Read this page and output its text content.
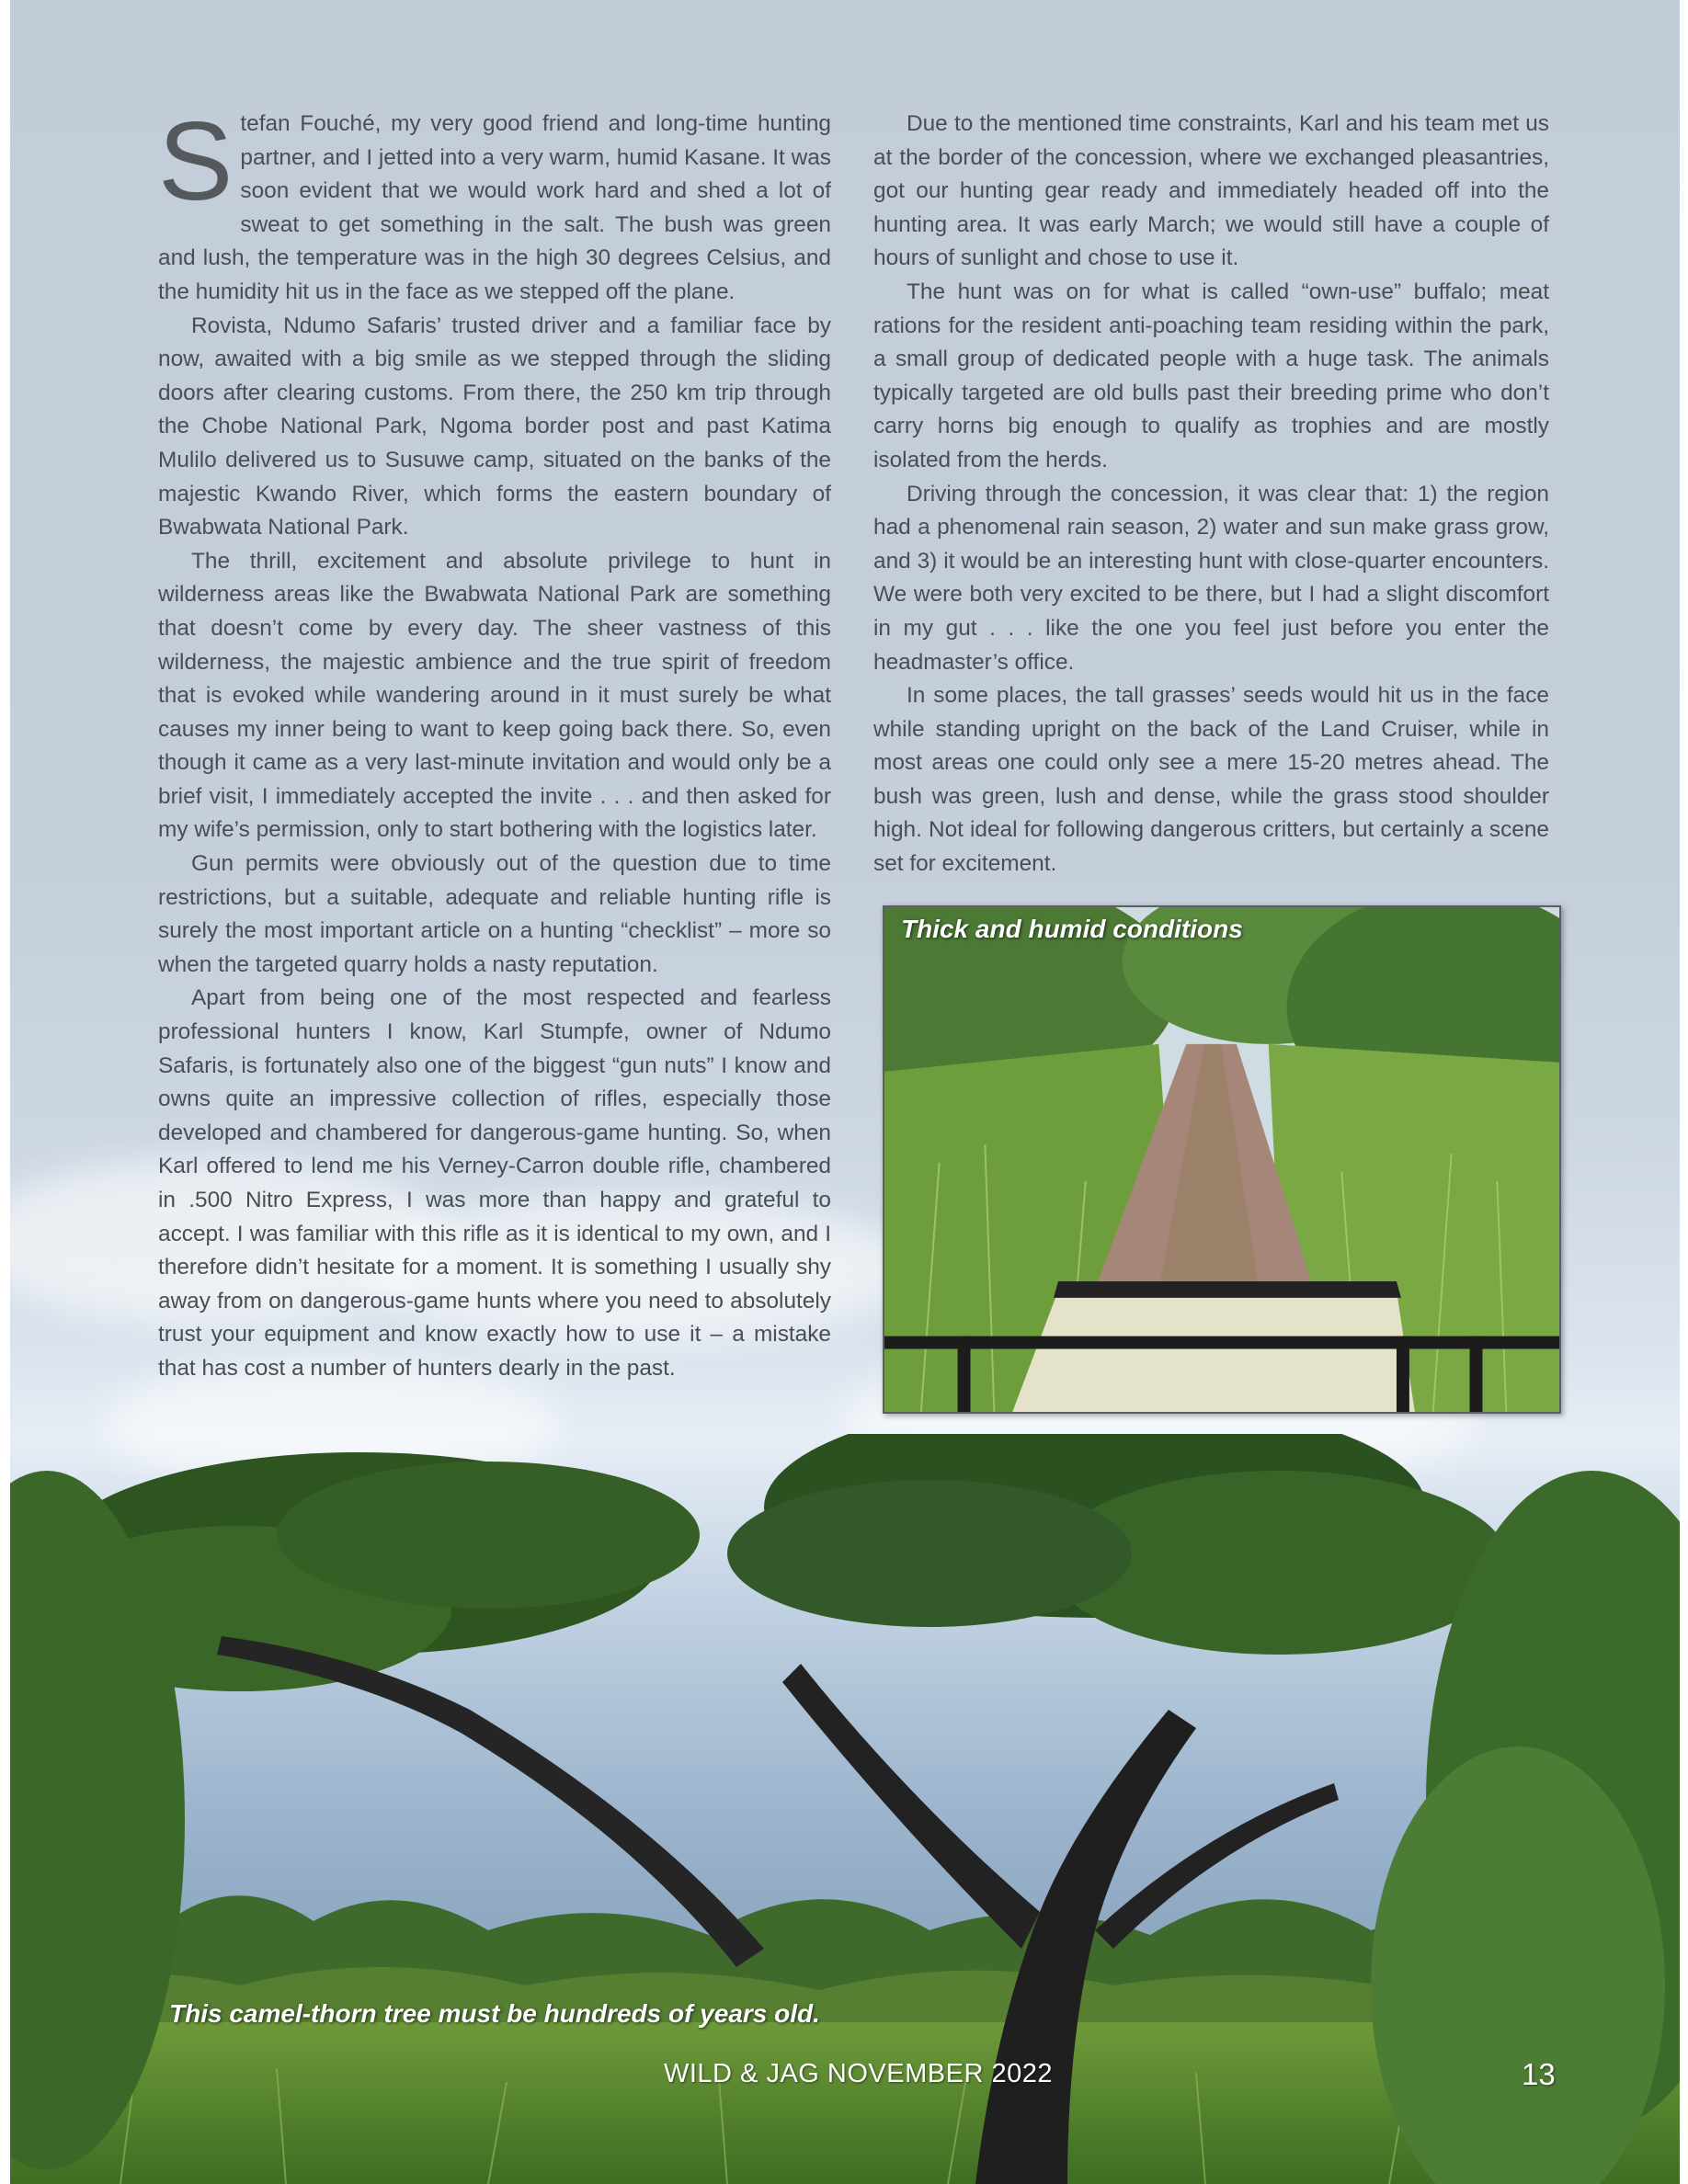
Stefan Fouché, my very good friend and long-time hunting partner, and I jetted into a very warm, humid Kasane. It was soon evident that we would work hard and shed a lot of sweat to get something in the salt. The bush was green and lush, the temperature was in the high 30 degrees Celsius, and the humidity hit us in the face as we stepped off the plane.

Rovista, Ndumo Safaris’ trusted driver and a familiar face by now, awaited with a big smile as we stepped through the sliding doors after clearing customs. From there, the 250 km trip through the Chobe National Park, Ngoma border post and past Katima Mulilo delivered us to Susuwe camp, situated on the banks of the majestic Kwando River, which forms the eastern boundary of Bwabwata National Park.

The thrill, excitement and absolute privilege to hunt in wilderness areas like the Bwabwata National Park are something that doesn’t come by every day. The sheer vastness of this wilderness, the majestic ambience and the true spirit of freedom that is evoked while wandering around in it must surely be what causes my inner being to want to keep going back there. So, even though it came as a very last-minute invitation and would only be a brief visit, I immediately accepted the invite . . . and then asked for my wife’s permission, only to start bothering with the logistics later.

Gun permits were obviously out of the question due to time restrictions, but a suitable, adequate and reliable hunting rifle is surely the most important article on a hunting “checklist” – more so when the targeted quarry holds a nasty reputation.

Apart from being one of the most respected and fearless professional hunters I know, Karl Stumpfe, owner of Ndumo Safaris, is fortunately also one of the biggest “gun nuts” I know and owns quite an impressive collection of rifles, especially those developed and chambered for dangerous-game hunting. So, when Karl offered to lend me his Verney-Carron double rifle, chambered in .500 Nitro Express, I was more than happy and grateful to accept. I was familiar with this rifle as it is identical to my own, and I therefore didn’t hesitate for a moment. It is something I usually shy away from on dangerous-game hunts where you need to absolutely trust your equipment and know exactly how to use it – a mistake that has cost a number of hunters dearly in the past.

Due to the mentioned time constraints, Karl and his team met us at the border of the concession, where we exchanged pleasantries, got our hunting gear ready and immediately headed off into the hunting area. It was early March; we would still have a couple of hours of sunlight and chose to use it.

The hunt was on for what is called “own-use” buffalo; meat rations for the resident anti-poaching team residing within the park, a small group of dedicated people with a huge task. The animals typically targeted are old bulls past their breeding prime who don’t carry horns big enough to qualify as trophies and are mostly isolated from the herds.

Driving through the concession, it was clear that: 1) the region had a phenomenal rain season, 2) water and sun make grass grow, and 3) it would be an interesting hunt with close-quarter encounters. We were both very excited to be there, but I had a slight discomfort in my gut . . . like the one you feel just before you enter the headmaster’s office.

In some places, the tall grasses’ seeds would hit us in the face while standing upright on the back of the Land Cruiser, while in most areas one could only see a mere 15-20 metres ahead. The bush was green, lush and dense, while the grass stood shoulder high. Not ideal for following dangerous critters, but certainly a scene set for excitement.

Thick and humid conditions
This camel-thorn tree must be hundreds of years old.
WILD & JAG NOVEMBER 2022	13
